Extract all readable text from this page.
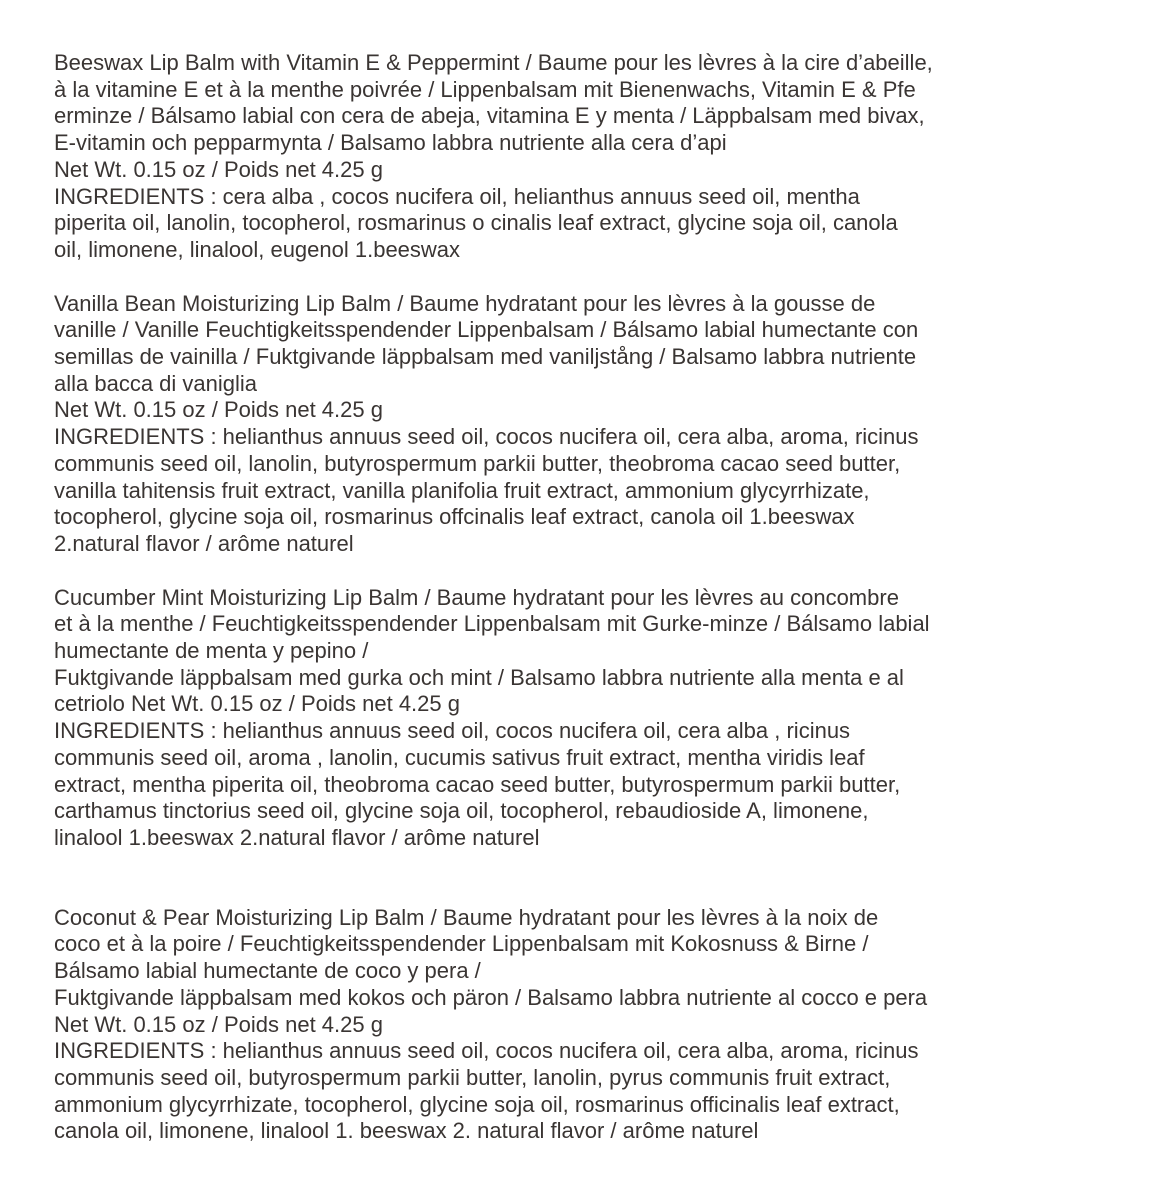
Beeswax Lip Balm with Vitamin E & Peppermint / Baume pour les lèvres à la cire d’abeille,
à la vitamine E et à la menthe poivrée / Lippenbalsam mit Bienenwachs, Vitamin E & Pfe
erminze / Bálsamo labial con cera de abeja, vitamina E y menta / Läppbalsam med bivax,
E-vitamin och pepparmynta / Balsamo labbra nutriente alla cera d’api
Net Wt. 0.15 oz / Poids net 4.25 g
INGREDIENTS : cera alba , cocos nucifera oil, helianthus annuus seed oil, mentha
piperita oil, lanolin, tocopherol, rosmarinus o cinalis leaf extract, glycine soja oil, canola
oil, limonene, linalool, eugenol 1.beeswax
Vanilla Bean Moisturizing Lip Balm / Baume hydratant pour les lèvres à la gousse de
vanille / Vanille Feuchtigkeitsspendender Lippenbalsam / Bálsamo labial humectante con
semillas de vainilla / Fuktgivande läppbalsam med vaniljstång / Balsamo labbra nutriente
alla bacca di vaniglia
Net Wt. 0.15 oz / Poids net 4.25 g
INGREDIENTS : helianthus annuus seed oil, cocos nucifera oil, cera alba, aroma, ricinus
communis seed oil, lanolin, butyrospermum parkii butter, theobroma cacao seed butter,
vanilla tahitensis fruit extract, vanilla planifolia fruit extract, ammonium glycyrrhizate,
tocopherol, glycine soja oil, rosmarinus offcinalis leaf extract, canola oil 1.beeswax
2.natural flavor / arôme naturel
Cucumber Mint Moisturizing Lip Balm / Baume hydratant pour les lèvres au concombre
et à la menthe / Feuchtigkeitsspendender Lippenbalsam mit Gurke-minze / Bálsamo labial
humectante de menta y pepino /
Fuktgivande läppbalsam med gurka och mint / Balsamo labbra nutriente alla menta e al
cetriolo Net Wt. 0.15 oz / Poids net 4.25 g
INGREDIENTS : helianthus annuus seed oil, cocos nucifera oil, cera alba , ricinus
communis seed oil, aroma , lanolin, cucumis sativus fruit extract, mentha viridis leaf
extract, mentha piperita oil, theobroma cacao seed butter, butyrospermum parkii butter,
carthamus tinctorius seed oil, glycine soja oil, tocopherol, rebaudioside A, limonene,
linalool 1.beeswax 2.natural flavor / arôme naturel
Coconut & Pear Moisturizing Lip Balm / Baume hydratant pour les lèvres à la noix de
coco et à la poire / Feuchtigkeitsspendender Lippenbalsam mit Kokosnuss & Birne /
Bálsamo labial humectante de coco y pera /
Fuktgivande läppbalsam med kokos och päron / Balsamo labbra nutriente al cocco e pera
Net Wt. 0.15 oz / Poids net 4.25 g
INGREDIENTS : helianthus annuus seed oil, cocos nucifera oil, cera alba, aroma, ricinus
communis seed oil, butyrospermum parkii butter, lanolin, pyrus communis fruit extract,
ammonium glycyrrhizate, tocopherol, glycine soja oil, rosmarinus officinalis leaf extract,
canola oil, limonene, linalool 1. beeswax 2. natural flavor / arôme naturel
